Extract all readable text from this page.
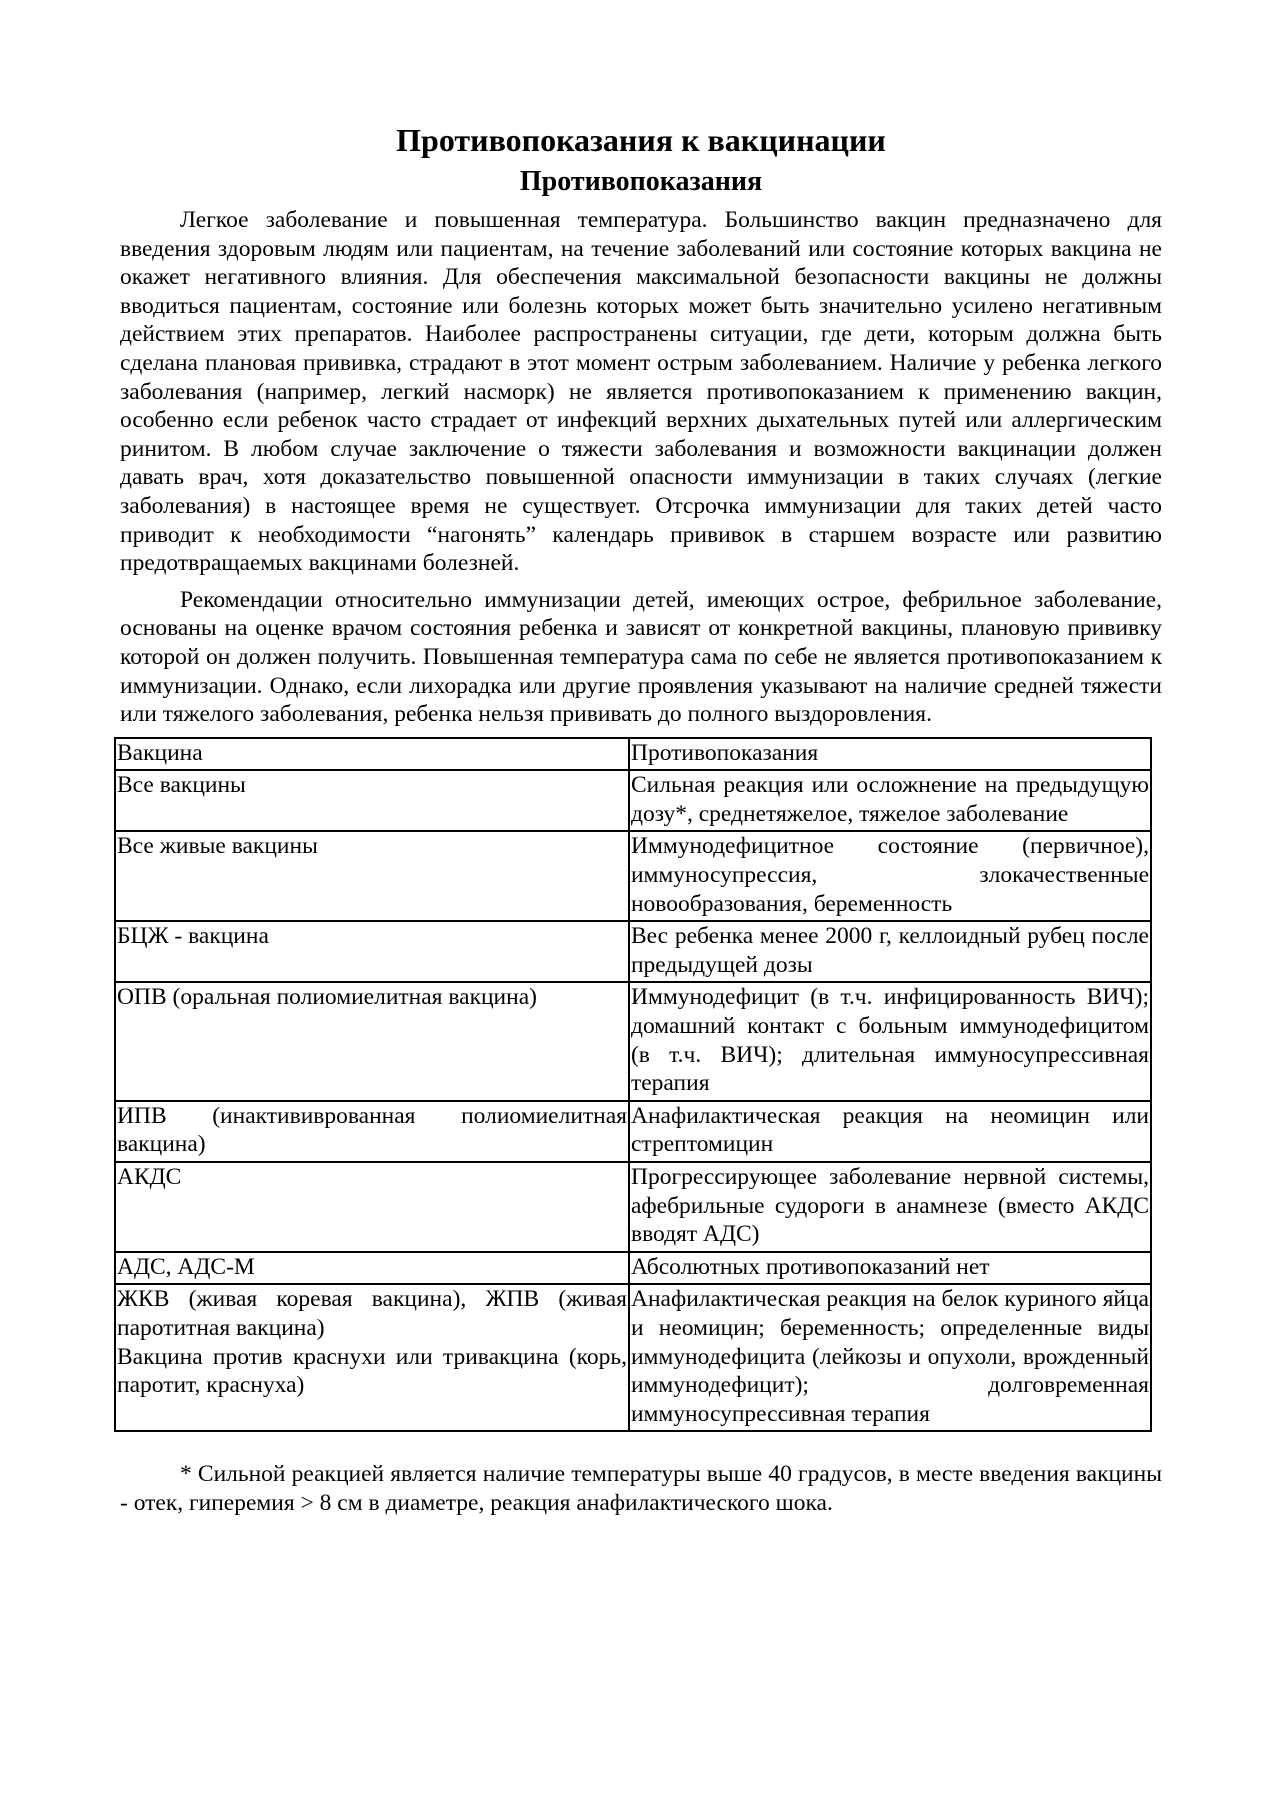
Противопоказания к вакцинации
Противопоказания

Легкое заболевание и повышенная температура. Большинство вакцин предназначено для введения здоровым людям или пациентам, на течение заболеваний или состояние которых вакцина не окажет негативного влияния. Для обеспечения максимальной безопасности вакцины не должны вводиться пациентам, состояние или болезнь которых может быть значительно усилено негативным действием этих препаратов. Наиболее распространены ситуации, где дети, которым должна быть сделана плановая прививка, страдают в этот момент острым заболеванием. Наличие у ребенка легкого заболевания (например, легкий насморк) не является противопоказанием к применению вакцин, особенно если ребенок часто страдает от инфекций верхних дыхательных путей или аллергическим ринитом. В любом случае заключение о тяжести заболевания и возможности вакцинации должен давать врач, хотя доказательство повышенной опасности иммунизации в таких случаях (легкие заболевания) в настоящее время не существует. Отсрочка иммунизации для таких детей часто приводит к необходимости “нагонять” календарь прививок в старшем возрасте или развитию предотвращаемых вакцинами болезней.

Рекомендации относительно иммунизации детей, имеющих острое, фебрильное заболевание, основаны на оценке врачом состояния ребенка и зависят от конкретной вакцины, плановую прививку которой он должен получить. Повышенная температура сама по себе не является противопоказанием к иммунизации. Однако, если лихорадка или другие проявления указывают на наличие средней тяжести или тяжелого заболевания, ребенка нельзя прививать до полного выздоровления.

Вакцина	Противопоказания

Все вакцины	Сильная реакция или осложнение на предыдущую дозу*, среднетяжелое, тяжелое заболевание

Все живые вакцины	Иммунодефицитное состояние (первичное), иммуносупрессия, злокачественные новообразования, беременность

БЦЖ - вакцина	Вес ребенка менее 2000 г, келлоидный рубец после предыдущей дозы

ОПВ (оральная полиомиелитная вакцина)	Иммунодефицит (в т.ч. инфицированность ВИЧ); домашний контакт с больным иммунодефицитом (в т.ч. ВИЧ); длительная иммуносупрессивная терапия

ИПВ (инактививрованная полиомиелитная вакцина)	Анафилактическая реакция на неомицин или стрептомицин

АКДС	Прогрессирующее заболевание нервной системы, афебрильные судороги в анамнезе (вместо АКДС вводят АДС)

АДС, АДС-М	Абсолютных противопоказаний нет

ЖКВ (живая коревая вакцина), ЖПВ (живая паротитная вакцина)
Вакцина против краснухи или тривакцина (корь, паротит, краснуха)	Анафилактическая реакция на белок куриного яйца и неомицин; беременность; определенные виды иммунодефицита (лейкозы и опухоли, врожденный иммунодефицит); долговременная иммуносупрессивная терапия

* Сильной реакцией является наличие температуры выше 40 градусов, в месте введения вакцины - отек, гиперемия > 8 см в диаметре, реакция анафилактического шока.
